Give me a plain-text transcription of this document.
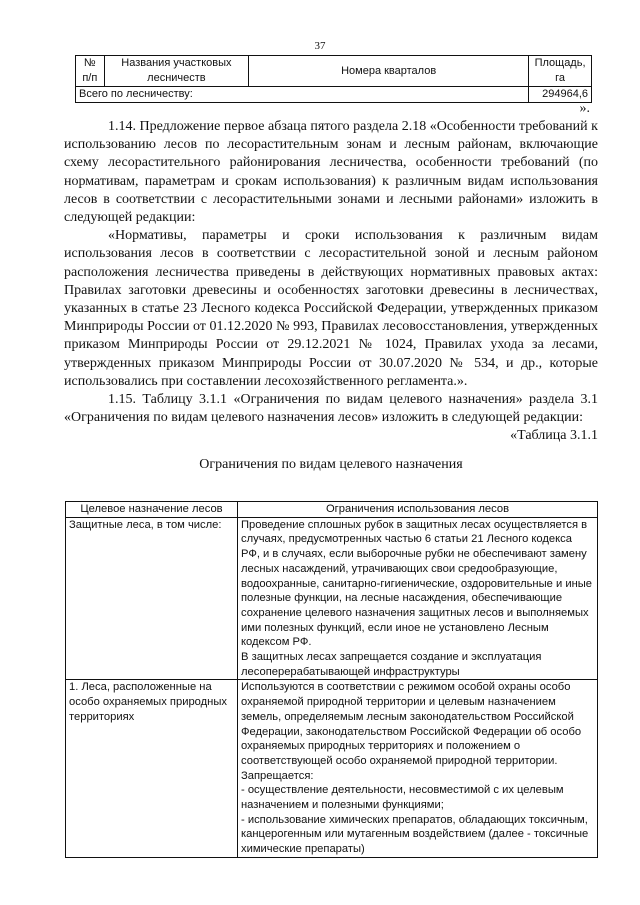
37
№ п/п	Названия участковых лесничеств	Номера кварталов	Площадь, га
Всего по лесничеству:			294964,6
».

1.14. Предложение первое абзаца пятого раздела 2.18 «Особенности требований к использованию лесов по лесорастительным зонам и лесным районам, включающие схему лесорастительного районирования лесничества, особенности требований (по нормативам, параметрам и срокам использования) к различным видам использования лесов в соответствии с лесорастительными зонами и лесными районами» изложить в следующей редакции:

«Нормативы, параметры и сроки использования к различным видам использования лесов в соответствии с лесорастительной зоной и лесным районом расположения лесничества приведены в действующих нормативных правовых актах: Правилах заготовки древесины и особенностях заготовки древесины в лесничествах, указанных в статье 23 Лесного кодекса Российской Федерации, утвержденных приказом Минприроды России от 01.12.2020 № 993, Правилах лесовосстановления, утвержденных приказом Минприроды России от 29.12.2021 № 1024, Правилах ухода за лесами, утвержденных приказом Минприроды России от 30.07.2020 № 534, и др., которые использовались при составлении лесохозяйственного регламента.».

1.15. Таблицу 3.1.1 «Ограничения по видам целевого назначения» раздела 3.1 «Ограничения по видам целевого назначения лесов» изложить в следующей редакции:

«Таблица 3.1.1

Ограничения по видам целевого назначения

Целевое назначение лесов	Ограничения использования лесов
Защитные леса, в том числе:	Проведение сплошных рубок в защитных лесах осуществляется в случаях, предусмотренных частью 6 статьи 21 Лесного кодекса РФ, и в случаях, если выборочные рубки не обеспечивают замену лесных насаждений, утрачивающих свои средообразующие, водоохранные, санитарно-гигиенические, оздоровительные и иные полезные функции, на лесные насаждения, обеспечивающие сохранение целевого назначения защитных лесов и выполняемых ими полезных функций, если иное не установлено Лесным кодексом РФ.

В защитных лесах запрещается создание и эксплуатация лесоперерабатывающей инфраструктуры

1. Леса, расположенные на особо охраняемых природных территориях	Используются в соответствии с режимом особой охраны особо охраняемой природной территории и целевым назначением земель, определяемым лесным законодательством Российской Федерации, законодательством Российской Федерации об особо охраняемых природных территориях и положением о соответствующей особо охраняемой природной территории.

Запрещается:

- осуществление деятельности, несовместимой с их целевым назначением и полезными функциями;

- использование химических препаратов, обладающих токсичным, канцерогенным или мутагенным воздействием (далее - токсичные химические препараты)
